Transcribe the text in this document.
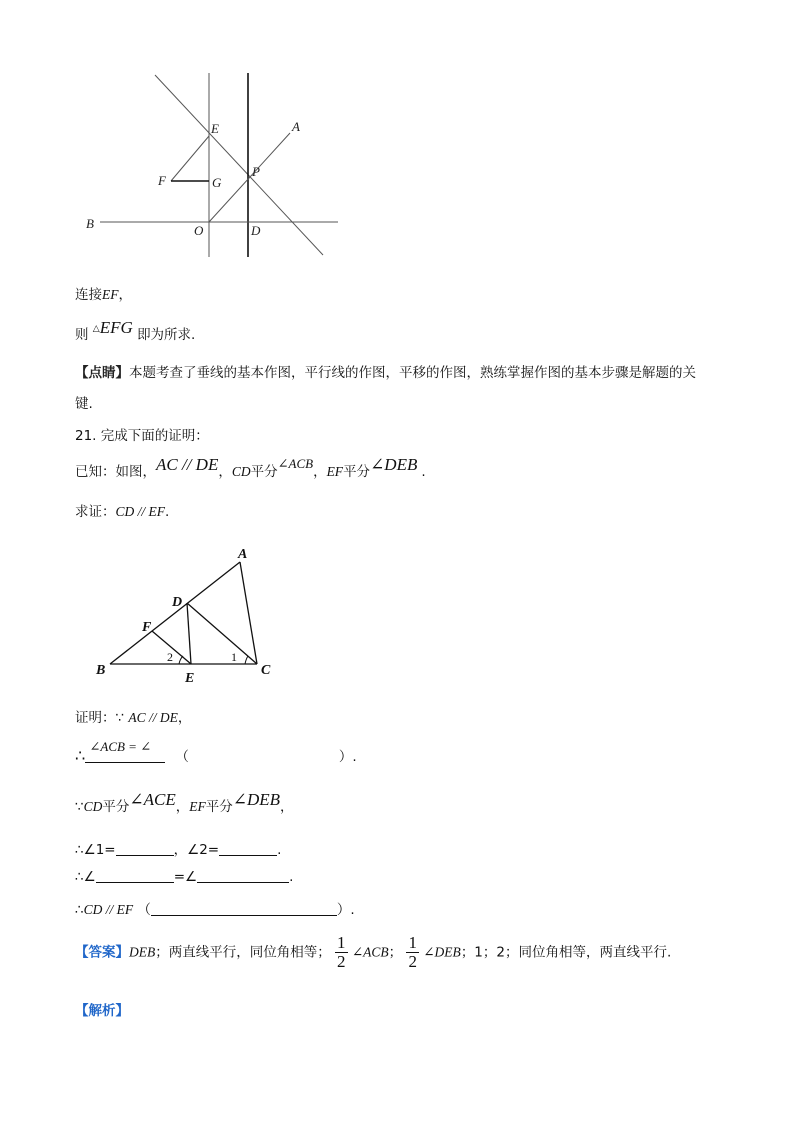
E	A
F	G
P
B	O	D
连接EF，
则 △EFG 即为所求.
【点睛】本题考查了垂线的基本作图，平行线的作图，平移的作图，熟练掌握作图的基本步骤是解题的关
键.
21. 完成下面的证明：
已知：如图，AC // DE，CD平分∠ACB，EF平分∠DEB .
求证：CD // EF.
A
D
F
B
E
C
1
2
证明：∵ AC // DE，
∴ ∠ACB = ∠ （	）.
∵CD平分∠ACE，EF平分∠DEB，
∴∠1=	，∠2=	.
∴∠	=∠	.
∴CD // EF （	）.
【答案】DEB；两直线平行，同位角相等； $\frac{1}{2}$ ∠ACB； $\frac{1}{2}$ ∠DEB；1；2；同位角相等，两直线平行.
【解析】
